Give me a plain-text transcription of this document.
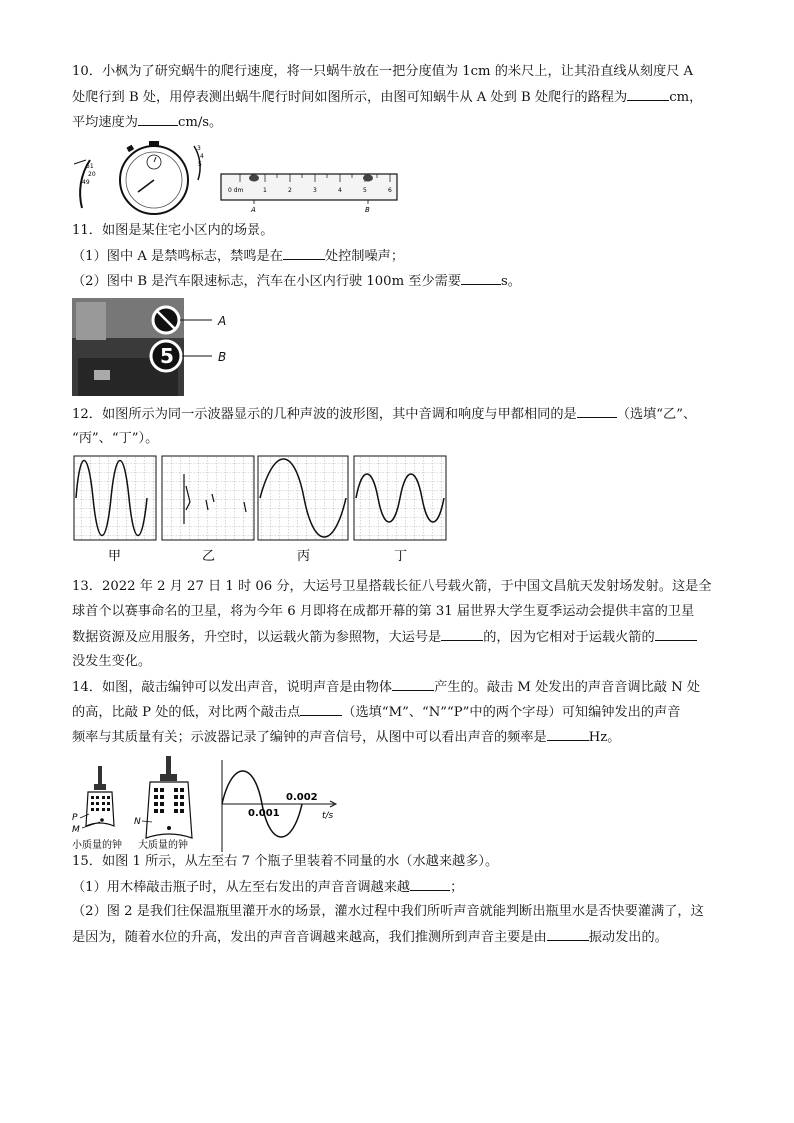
10．小枫为了研究蜗牛的爬行速度，将一只蜗牛放在一把分度值为 1cm 的米尺上，让其沿直线从刻度尺 A
处爬行到 B 处，用停表测出蜗牛爬行时间如图所示，由图可知蜗牛从 A 处到 B 处爬行的路程为	cm，
平均速度为	cm/s。
51
20
49
3
4
5
0 dm	1	2	3	4	5	6
A	B
11．如图是某住宅小区内的场景。
（1）图中 A 是禁鸣标志，禁鸣是在	处控制噪声；
（2）图中 B 是汽车限速标志，汽车在小区内行驶 100m 至少需要	s。
5
A
B
12．如图所示为同一示波器显示的几种声波的波形图，其中音调和响度与甲都相同的是	（选填“乙”、
“丙”、“丁”）。
甲	乙	丙	丁
13．2022 年 2 月 27 日 1 时 06 分，大运号卫星搭载长征八号载火箭，于中国文昌航天发射场发射。这是全
球首个以赛事命名的卫星，将为今年 6 月即将在成都开幕的第 31 届世界大学生夏季运动会提供丰富的卫星
数据资源及应用服务，升空时，以运载火箭为参照物，大运号是	的，因为它相对于运载火箭的
没发生变化。
14．如图，敲击编钟可以发出声音，说明声音是由物体	产生的。敲击 M 处发出的声音音调比敲 N 处
的高，比敲 P 处的低，对比两个敲击点	（选填“M”、“N”“P”中的两个字母）可知编钟发出的声音
频率与其质量有关；示波器记录了编钟的声音信号，从图中可以看出声音的频率是	Hz。
P
M
小质量的钟
N
大质量的钟
0.001
0.002
t/s
15．如图 1 所示，从左至右 7 个瓶子里装着不同量的水（水越来越多）。
（1）用木棒敲击瓶子时，从左至右发出的声音音调越来越	；
（2）图 2 是我们往保温瓶里灌开水的场景，灌水过程中我们所听声音就能判断出瓶里水是否快要灌满了，这
是因为，随着水位的升高，发出的声音音调越来越高，我们推测所到声音主要是由	振动发出的。
